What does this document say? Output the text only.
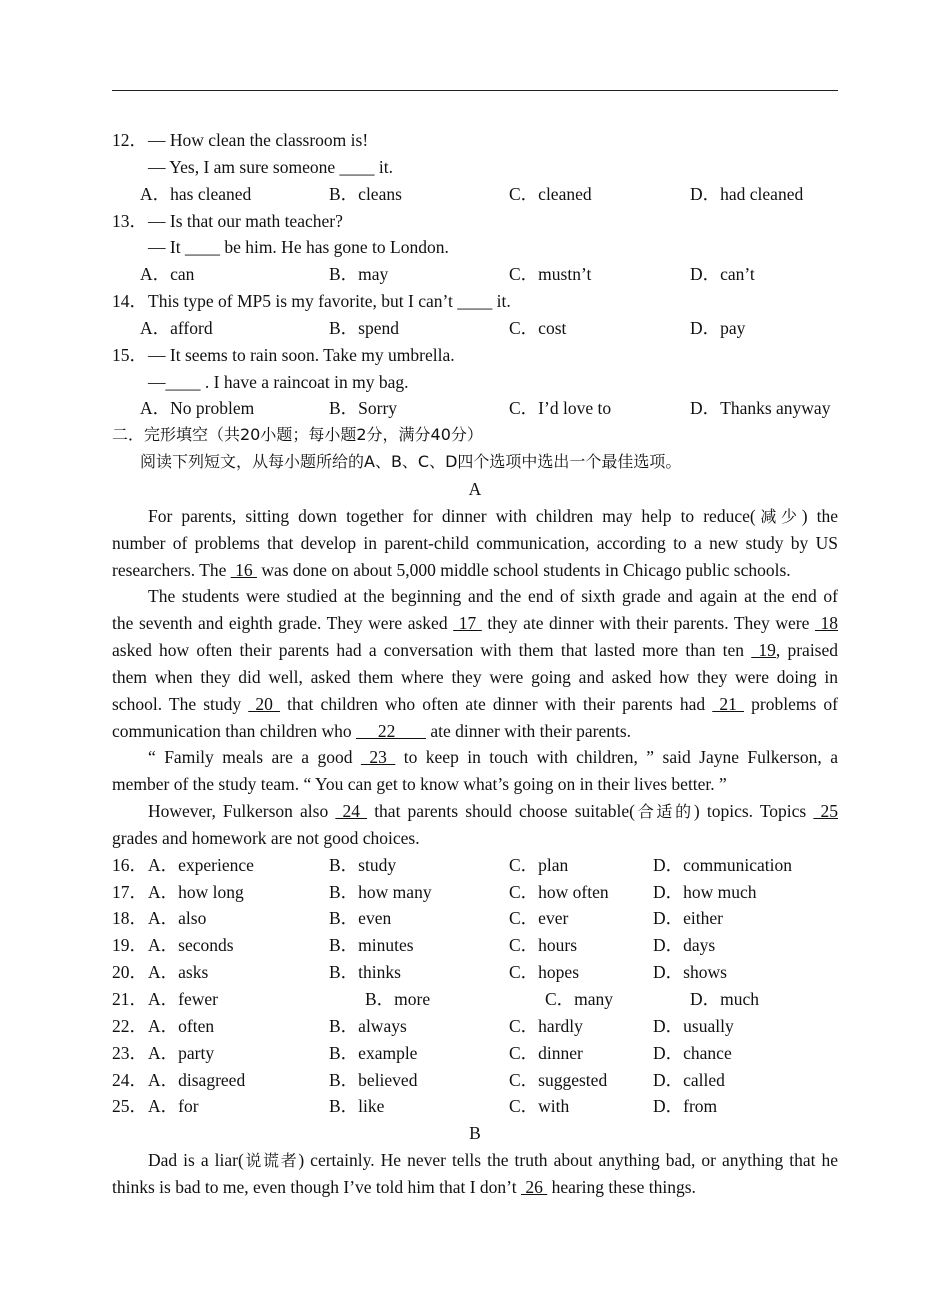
12． — How clean the classroom is!
— Yes, I am sure someone ____ it.
A．has cleaned	B．cleans	C．cleaned	D．had cleaned
13． — Is that our math teacher?
— It ____ be him. He has gone to London.
A．can	B．may	C．mustn’t	D．can’t
14． This type of MP5 is my favorite, but I can’t ____ it.
A．afford	B．spend	C．cost	D．pay
15． — It seems to rain soon. Take my umbrella.
—____ . I have a raincoat in my bag.
A．No problem	B．Sorry	C．I’d love to	D．Thanks anyway
二．完形填空（共20小题；每小题2分，满分40分）
阅读下列短文，从每小题所给的A、B、C、D四个选项中选出一个最佳选项。
A
For parents, sitting down together for dinner with children may help to reduce(减少) the
number of problems that develop in parent-child communication, according to a new study by US
researchers. The  16  was done on about 5,000 middle school students in Chicago public schools.
The students were studied at the beginning and the end of sixth grade and again at the end of
the seventh and eighth grade. They were asked  17  they ate dinner with their parents. They were  18
asked how often their parents had a conversation with them that lasted more than ten  19, praised
them when they did well, asked them where they were going and asked how they were doing in
school. The study  20  that children who often ate dinner with their parents had  21  problems of
communication than children who      22        ate dinner with their parents.
“ Family meals are a good  23  to keep in touch with children, ” said Jayne Fulkerson, a
member of the study team. “ You can get to know what’s going on in their lives better. ”
However, Fulkerson also  24  that parents should choose suitable(合适的) topics. Topics  25
grades and homework are not good choices.
16． A．experience	B．study	C．plan	D．communication
17． A．how long	B．how many	C．how often	D．how much
18． A．also	B．even	C．ever	D．either
19． A．seconds	B．minutes	C．hours	D．days
20． A．asks	B．thinks	C．hopes	D．shows
21． A．fewer	B．more	C．many	D．much
22． A．often	B．always	C．hardly	D．usually
23． A．party	B．example	C．dinner	D．chance
24． A．disagreed	B．believed	C．suggested	D．called
25． A．for	B．like	C．with	D．from
B
Dad is a liar(说谎者) certainly. He never tells the truth about anything bad, or anything that he
thinks is bad to me, even though I’ve told him that I don’t  26  hearing these things.
